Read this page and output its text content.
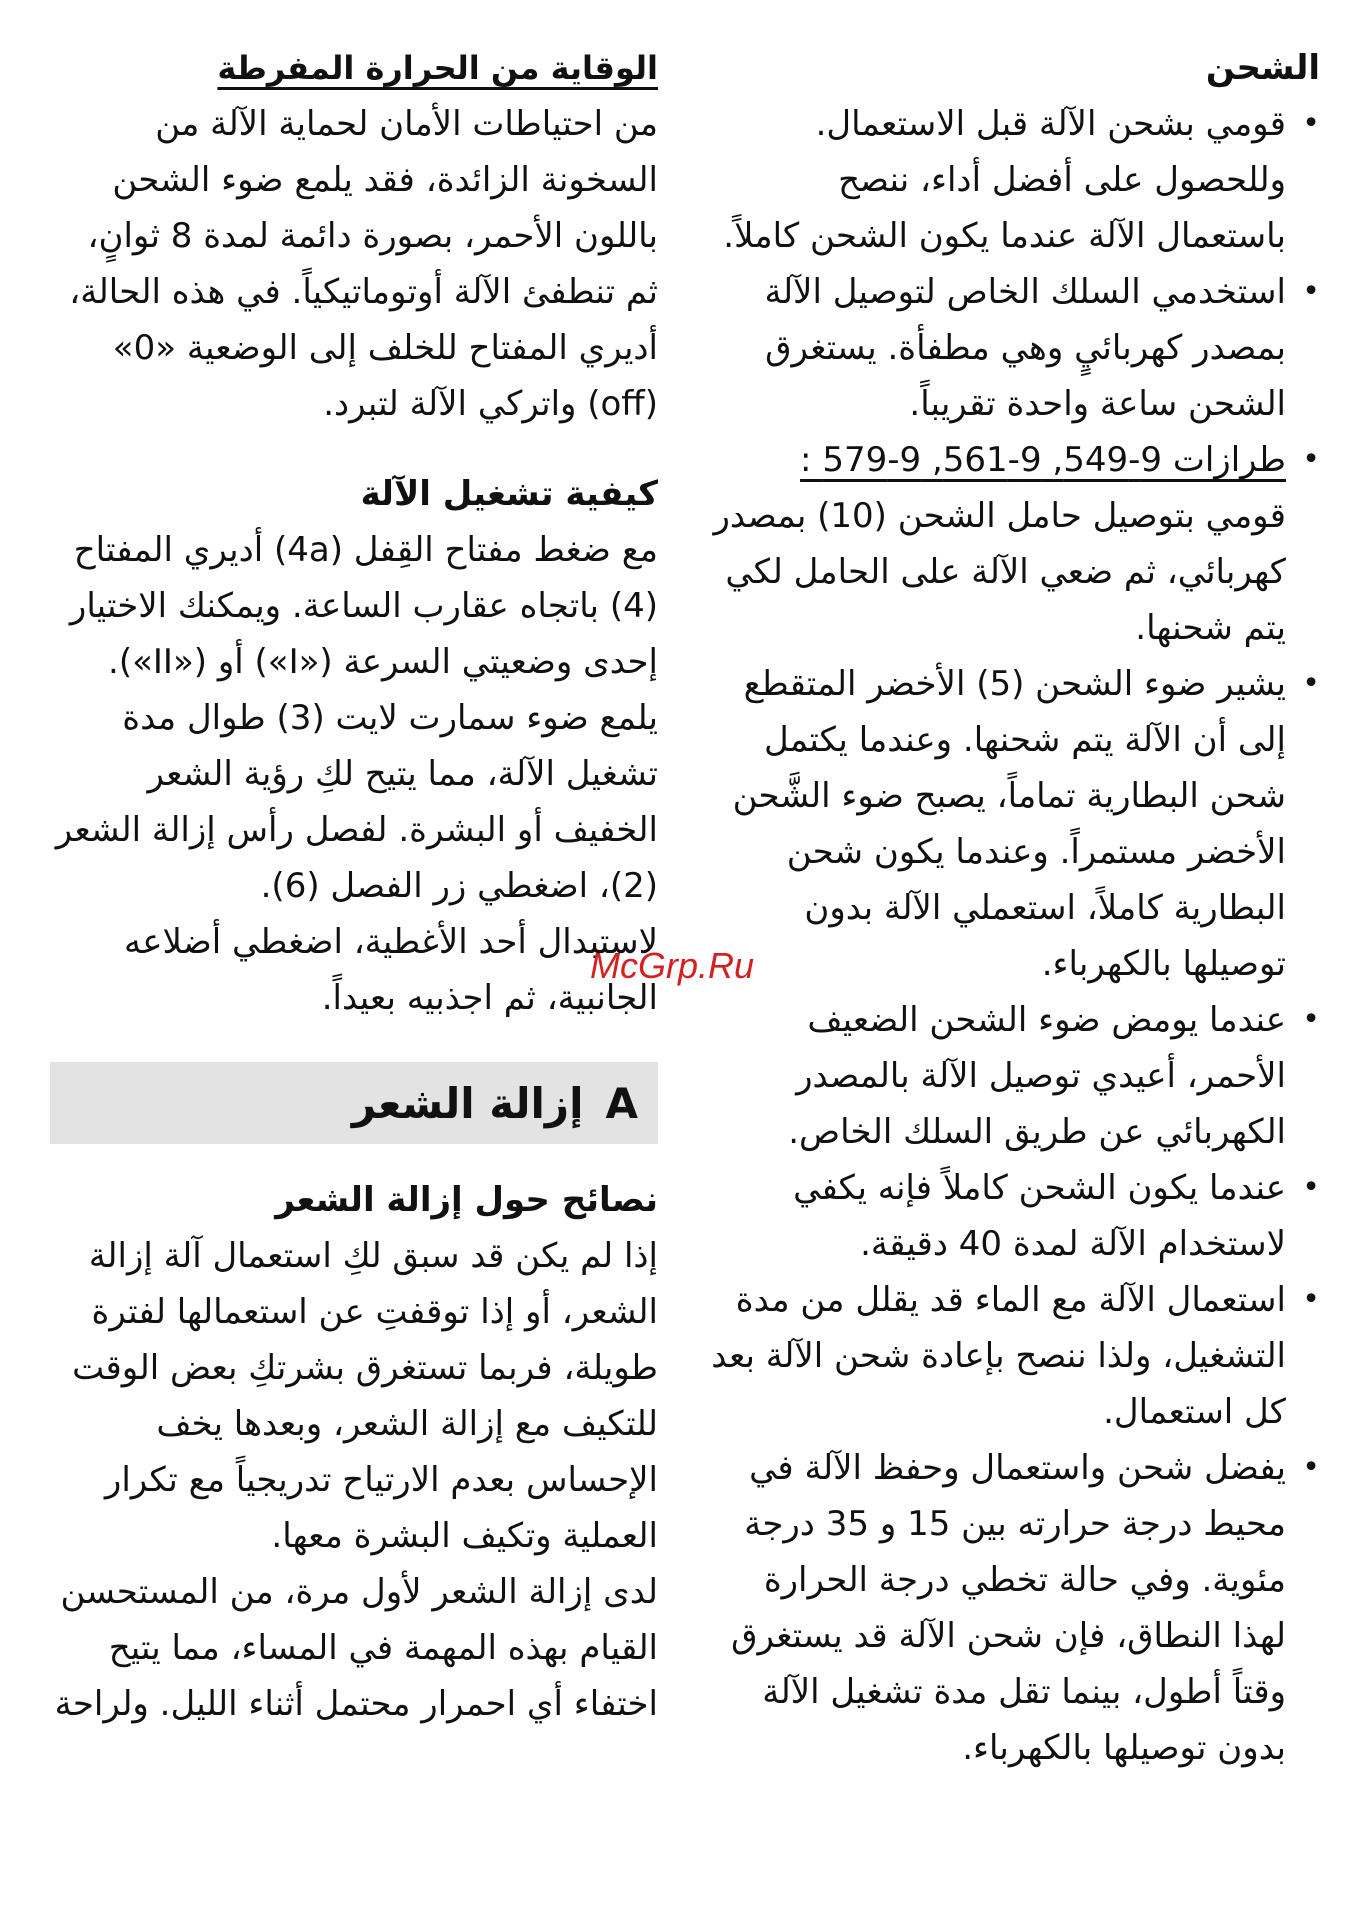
الشحن
•
قومي بشحن الآلة قبل الاستعمال. وللحصول على أفضل أداء، ننصح باستعمال الآلة عندما يكون الشحن كاملاً.
•
استخدمي السلك الخاص لتوصيل الآلة بمصدر كهربائيٍ وهي مطفأة. يستغرق الشحن ساعة واحدة تقريباً.
•
طرازات 9-549, 9-561, 9-579 :
قومي بتوصيل حامل الشحن (10) بمصدر كهربائي، ثم ضعي الآلة على الحامل لكي يتم شحنها.
•
يشير ضوء الشحن (5) الأخضر المتقطع إلى أن الآلة يتم شحنها. وعندما يكتمل شحن البطارية تماماً، يصبح ضوء الشَّحن الأخضر مستمراً. وعندما يكون شحن البطارية كاملاً، استعملي الآلة بدون توصيلها بالكهرباء.
•
عندما يومض ضوء الشحن الضعيف الأحمر، أعيدي توصيل الآلة بالمصدر الكهربائي عن طريق السلك الخاص.
•
عندما يكون الشحن كاملاً فإنه يكفي لاستخدام الآلة لمدة 40 دقيقة.
•
استعمال الآلة مع الماء قد يقلل من مدة التشغيل، ولذا ننصح بإعادة شحن الآلة بعد كل استعمال.
•
يفضل شحن واستعمال وحفظ الآلة في محيط درجة حرارته بين 15 و 35 درجة مئوية. وفي حالة تخطي درجة الحرارة لهذا النطاق، فإن شحن الآلة قد يستغرق وقتاً أطول، بينما تقل مدة تشغيل الآلة بدون توصيلها بالكهرباء.
الوقاية من الحرارة المفرطة

من احتياطات الأمان لحماية الآلة من السخونة الزائدة، فقد يلمع ضوء الشحن باللون الأحمر، بصورة دائمة لمدة 8 ثوانٍ، ثم تنطفئ الآلة أوتوماتيكياً. في هذه الحالة، أديري المفتاح للخلف إلى الوضعية «0» (off) واتركي الآلة لتبرد.

كيفية تشغيل الآلة

مع ضغط مفتاح القِفل (4a) أديري المفتاح (4) باتجاه عقارب الساعة. ويمكنك الاختيار إحدى وضعيتي السرعة («I») أو («II»). يلمع ضوء سمارت لايت (3) طوال مدة تشغيل الآلة، مما يتيح لكِ رؤية الشعر الخفيف أو البشرة. لفصل رأس إزالة الشعر (2)، اضغطي زر الفصل (6).

لاستبدال أحد الأغطية، اضغطي أضلاعه الجانبية، ثم اجذبيه بعيداً.

A
إزالة الشعر
نصائح حول إزالة الشعر

إذا لم يكن قد سبق لكِ استعمال آلة إزالة الشعر، أو إذا توقفتِ عن استعمالها لفترة طويلة، فربما تستغرق بشرتكِ بعض الوقت للتكيف مع إزالة الشعر، وبعدها يخف الإحساس بعدم الارتياح تدريجياً مع تكرار العملية وتكيف البشرة معها.

لدى إزالة الشعر لأول مرة، من المستحسن القيام بهذه المهمة في المساء، مما يتيح اختفاء أي احمرار محتمل أثناء الليل. ولراحة

McGrp.Ru
